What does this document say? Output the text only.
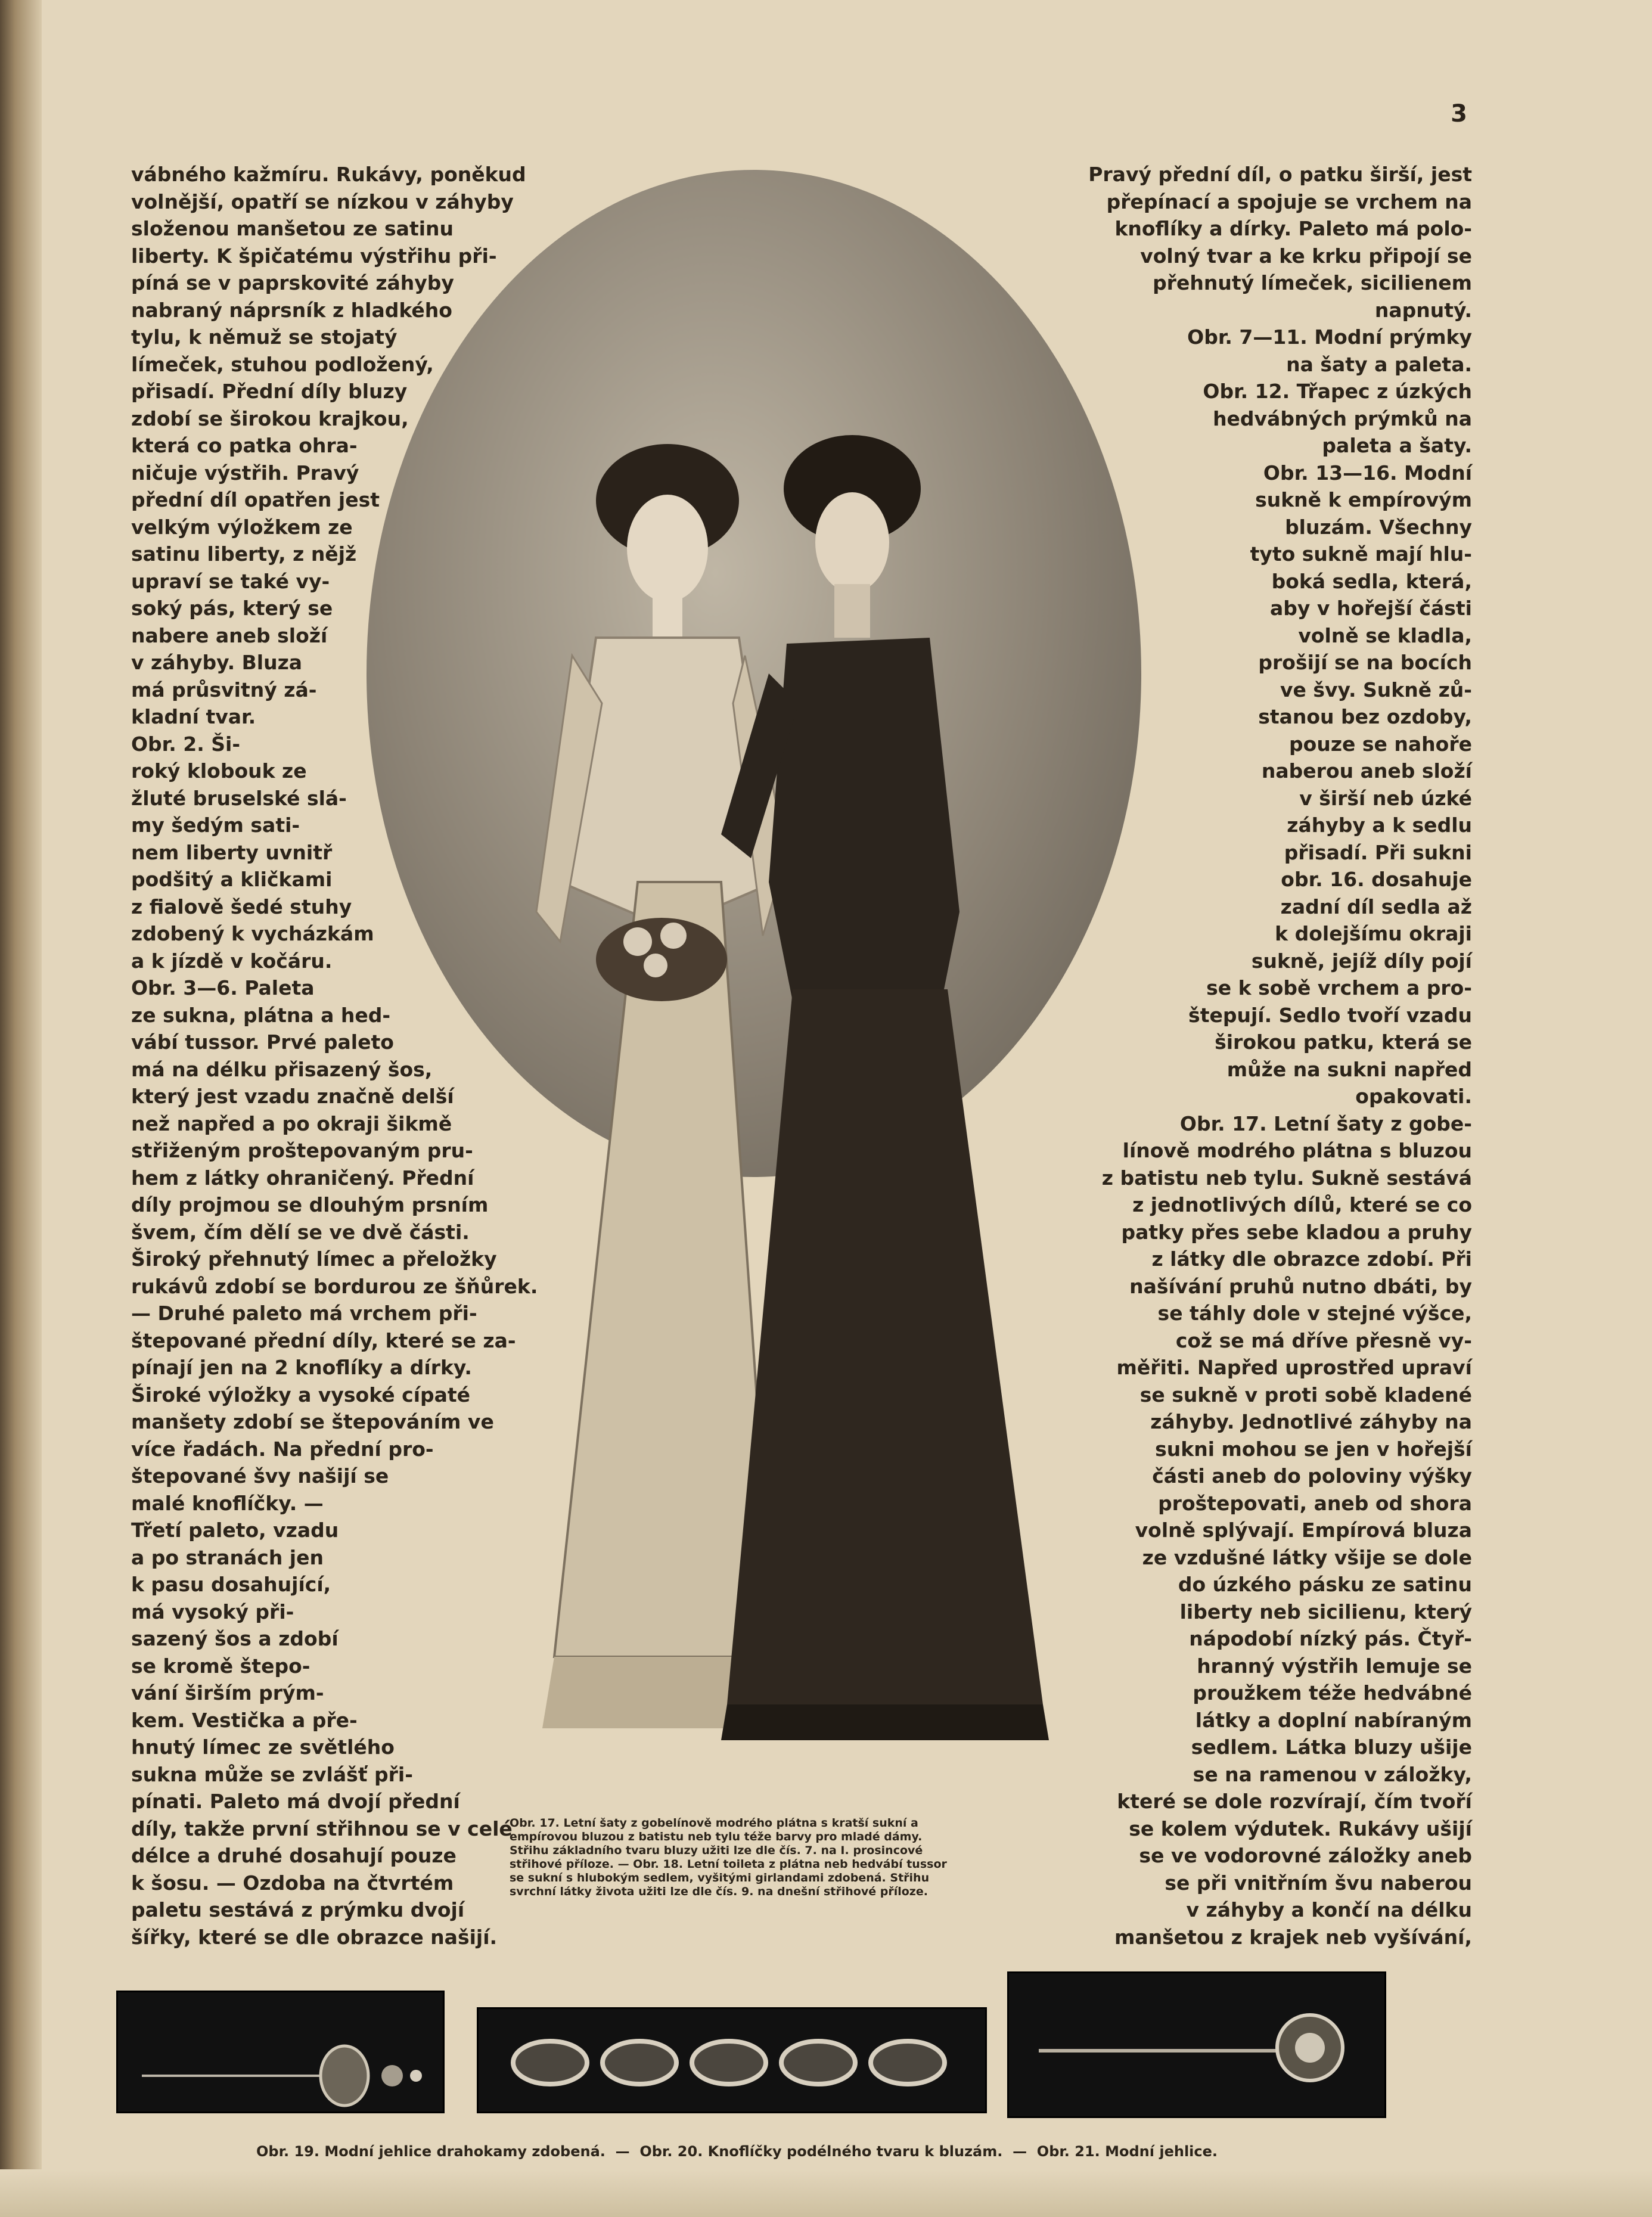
3
vábného kažmíru. Rukávy, poněkud
volnější, opatří se nízkou v záhyby
složenou manšetou ze satinu
liberty. K špičatému výstřihu při-
píná se v paprskovité záhyby
nabraný náprsník z hladkého
tylu, k němuž se stojatý
límeček, stuhou podložený,
přisadí. Přední díly bluzy
zdobí se širokou krajkou,
která co patka ohra-
ničuje výstřih. Pravý
přední díl opatřen jest
velkým výložkem ze
satinu liberty, z nějž
upraví se také vy-
soký pás, který se
nabere aneb složí
v záhyby. Bluza
má průsvitný zá-
kladní tvar.
Obr. 2. Ši-
roký klobouk ze
žluté bruselské slá-
my šedým sati-
nem liberty uvnitř
podšitý a kličkami
z fialově šedé stuhy
zdobený k vycházkám
a k jízdě v kočáru.
Obr. 3—6. Paleta
ze sukna, plátna a hed-
vábí tussor. Prvé paleto
má na délku přisazený šos,
který jest vzadu značně delší
než napřed a po okraji šikmě
střiženým proštepovaným pru-
hem z látky ohraničený. Přední
díly projmou se dlouhým prsním
švem, čím dělí se ve dvě části.
Široký přehnutý límec a přeložky
rukávů zdobí se bordurou ze šňůrek.
— Druhé paleto má vrchem při-
štepované přední díly, které se za-
pínají jen na 2 knoflíky a dírky.
Široké výložky a vysoké cípaté
manšety zdobí se štepováním ve
více řadách. Na přední pro-
štepované švy našijí se
malé knoflíčky. —
Třetí paleto, vzadu
a po stranách jen
k pasu dosahující,
má vysoký při-
sazený šos a zdobí
se kromě štepo-
vání širším prým-
kem. Vestička a pře-
hnutý límec ze světlého
sukna může se zvlášť při-
pínati. Paleto má dvojí přední
díly, takže první střihnou se v celé
délce a druhé dosahují pouze
k šosu. — Ozdoba na čtvrtém
paletu sestává z prýmku dvojí
šířky, které se dle obrazce našijí.
Pravý přední díl, o patku širší, jest
přepínací a spojuje se vrchem na
knoflíky a dírky. Paleto má polo-
volný tvar a ke krku připojí se
přehnutý límeček, sicilienem
napnutý.
Obr. 7—11. Modní prýmky
na šaty a paleta.
Obr. 12. Třapec z úzkých
hedvábných prýmků na
paleta a šaty.
Obr. 13—16. Modní
sukně k empírovým
bluzám. Všechny
tyto sukně mají hlu-
boká sedla, která,
aby v hořejší části
volně se kladla,
prošijí se na bocích
ve švy. Sukně zů-
stanou bez ozdoby,
pouze se nahoře
naberou aneb složí
v širší neb úzké
záhyby a k sedlu
přisadí. Při sukni
obr. 16. dosahuje
zadní díl sedla až
k dolejšímu okraji
sukně, jejíž díly pojí
se k sobě vrchem a pro-
štepují. Sedlo tvoří vzadu
širokou patku, která se
může na sukni napřed
opakovati.
Obr. 17. Letní šaty z gobe-
línově modrého plátna s bluzou
z batistu neb tylu. Sukně sestává
z jednotlivých dílů, které se co
patky přes sebe kladou a pruhy
z látky dle obrazce zdobí. Při
našívání pruhů nutno dbáti, by
se táhly dole v stejné výšce,
což se má dříve přesně vy-
měřiti. Napřed uprostřed upraví
se sukně v proti sobě kladené
záhyby. Jednotlivé záhyby na
sukni mohou se jen v hořejší
části aneb do poloviny výšky
proštepovati, aneb od shora
volně splývají. Empírová bluza
ze vzdušné látky všije se dole
do úzkého pásku ze satinu
liberty neb sicilienu, který
nápodobí nízký pás. Čtyř-
hranný výstřih lemuje se
proužkem téže hedvábné
látky a doplní nabíraným
sedlem. Látka bluzy ušije
se na ramenou v záložky,
které se dole rozvírají, čím tvoří
se kolem výdutek. Rukávy ušijí
se ve vodorovné záložky aneb
se při vnitřním švu naberou
v záhyby a končí na délku
manšetou z krajek neb vyšívání,
Obr. 17. Letní šaty z gobelínově modrého plátna s kratší sukní a
empírovou bluzou z batistu neb tylu téže barvy pro mladé dámy.
Střihu základního tvaru bluzy užiti lze dle čís. 7. na I. prosincové
střihové příloze. — Obr. 18. Letní toileta z plátna neb hedvábí tussor
se sukní s hlubokým sedlem, vyšitými girlandami zdobená. Střihu
svrchní látky života užiti lze dle čís. 9. na dnešní střihové příloze.
Obr. 19. Modní jehlice drahokamy zdobená.  —  Obr. 20. Knoflíčky podélného tvaru k bluzám.  —  Obr. 21. Modní jehlice.
